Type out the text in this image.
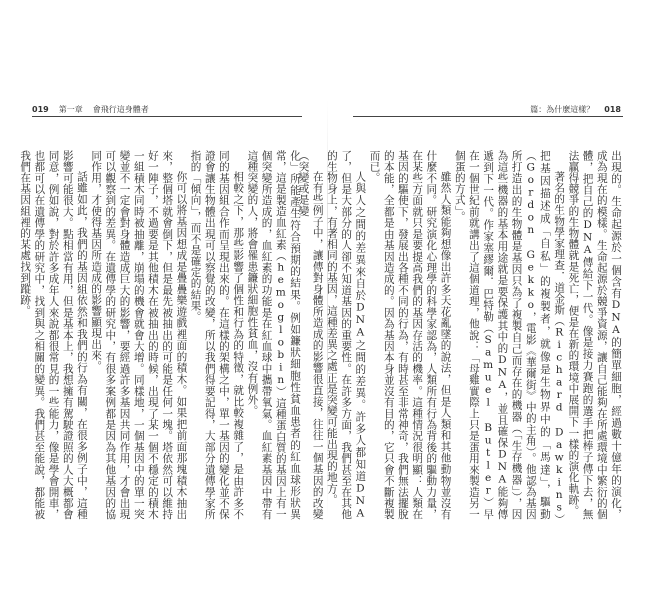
019 第一章 會飛行這身體者	篇：為什麼這樣？ 018

化」所能產生符合預期的結果。例如鐮狀細胞性貧血患者的紅血球形狀異常，這是製造血紅素（hemoglobin）這種蛋白質的基因上有一個突變所造成的，血紅素的功能是在紅血球中攜帶氧氣。血紅素基因中帶有這種突變的人，將會罹患鐮狀細胞性貧血，沒有例外。

相較之下，那些影響了個性和行為的特徵，就比較複雜了，是由許多不同的基因組合作而呈現出來的。在這樣的架構之中，單一基因的變化並不保證會讓生物體出現可以察覺的改變，所以我們得要記得，大部分遺傳學家所指的「傾向」，而不是確定的結果。

你可以將基因想成是疊疊樂遊戲裡面的積木。如果把前面那塊積木抽出來，整個塔就會倒下，但是最先被抽出的可能是任何一塊。塔依然可以維持好一陣子，不過要是其他積木在被抽出的時候，出現了某一個不穩定的積木一組積木同時被抽離，崩塌的機會就會大增。同樣地，一個基因中的單一突變並不一定會對身體造成巨大的影響，要經過許多基因共同作用，才會出現可以觀察到的差異。在遺傳學的研究中，有很多案例都是因為其他基因的協同作用，才使得基因所造成的影響顯現出來。

話雖如此，我們的基因組依然和我們的行為有關，在很多例子中，這種影響可能很大。點相當有用，但是基本上，我想擁有駕駛證照的人大概都會同意，例如說，對於許多成年人來說都很常見的一些能力，像是學會開車，也都可以在遺傳學的研究中，找到與之相關的變異。我們甚至能說，都能被我們在基因組裡的某處找到蹤跡。	出現的。生命起源於一個含有DNA的簡單細胞，經過數十億年的演化，成為現在的模樣。生命起源於競爭資源，讓自己能夠在所處環境中繁衍的個體，把自己的DNA傳給下一代。像是接力賽跑的選手把棒子傳下去，無法贏得競爭的生物體就是死亡，便是在新的環境中展開下一樣的演化軌跡。

著名的生物學家理查．道金斯（Richard Dawkins）把基因描述成「自私」的複製者，就像是生物界中的「馬達」，驅動（Gordon Gekko，電影《華爾街》中的主角）。他認為基因所打造出的生物體是基因只為了複製自己而存在的機器（「生存機器」），因為這些機器的基本用途就是要保護其中的DNA，並且確保DNA能夠傳遞到下一代。作家塞繆爾．巴特勒（Samuel Butler）早在一個世紀前就講出了這個道理，他說：「母雞實際上只是蛋用來製造另一個蛋的方式」。

雖然人類能夠想像出許多天花亂墜的說法，但是人類和其他動物並沒有什麼不同。研究演化心理學的科學家認為，人類所有行為背後的驅動力量，在某些方面就只是要提高我們的基因存活的機率。這種情況很明顯：人類在基因的驅使下，發展出各種不同的行為，有時甚至非常神奇，我們無法擺脫的本能，全都是由基因造成的。因為基因本身並沒有目的，它只會不斷複製而已。

人與人之間的差異來自於DNA之間的差異。許多人都知道DNA了，但是大部分的人卻不知道基因的重要性。在許多方面，我們甚至在其他的生物身上，有著相同的基因，這種差異之處正是突變可能出現的地方。

在有些例子中，讓傳對身體所造成的影響很直接，往往一個基因的改變（突變或是變
